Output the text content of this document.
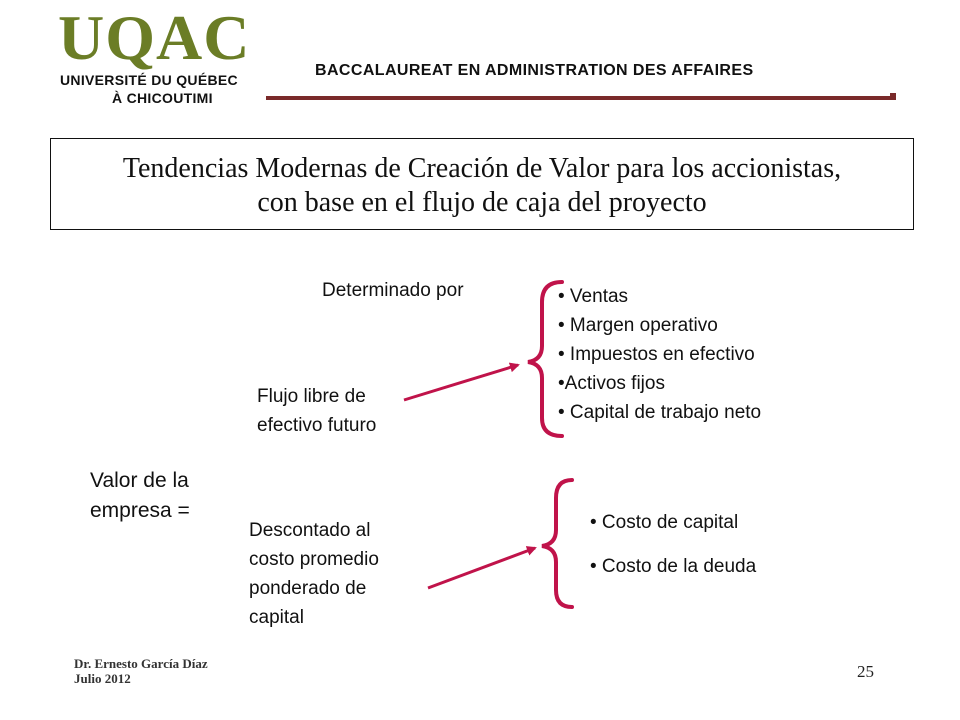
UQAC
UNIVERSITÉ DU QUÉBEC
À CHICOUTIMI
BACCALAUREAT EN ADMINISTRATION DES AFFAIRES
Tendencias Modernas de Creación de Valor para los accionistas,
con base en el flujo de caja del proyecto
Determinado por
Flujo libre de
efectivo futuro
• Ventas
• Margen operativo
• Impuestos en efectivo
•Activos fijos
• Capital de trabajo neto
Valor de la
empresa =
Descontado al
costo promedio
ponderado de
capital
• Costo de capital
• Costo de la deuda
Dr. Ernesto García Díaz
Julio 2012	25
